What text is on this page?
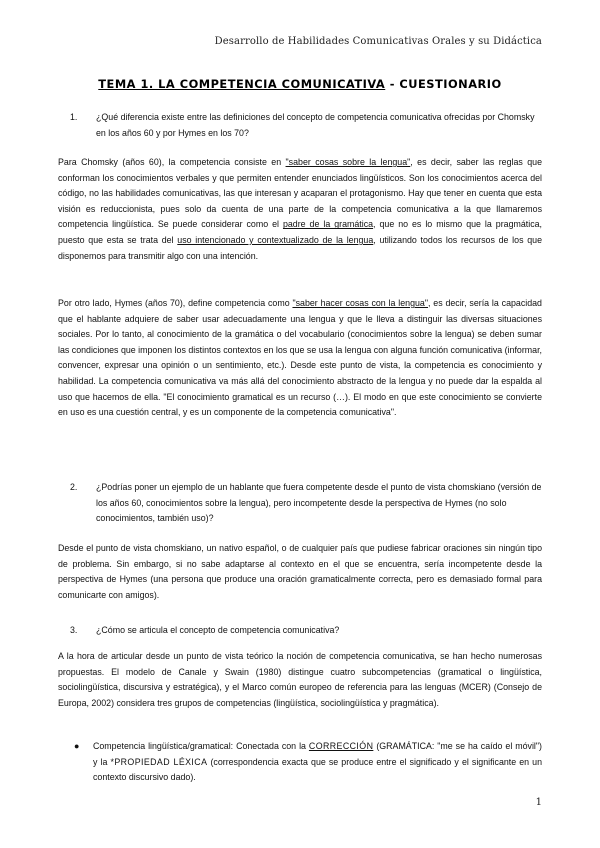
Desarrollo de Habilidades Comunicativas Orales y su Didáctica
TEMA 1. LA COMPETENCIA COMUNICATIVA - CUESTIONARIO
1. ¿Qué diferencia existe entre las definiciones del concepto de competencia comunicativa ofrecidas por Chomsky en los años 60 y por Hymes en los 70?

Para Chomsky (años 60), la competencia consiste en "saber cosas sobre la lengua", es decir, saber las reglas que conforman los conocimientos verbales y que permiten entender enunciados lingüísticos. Son los conocimientos acerca del código, no las habilidades comunicativas, las que interesan y acaparan el protagonismo. Hay que tener en cuenta que esta visión es reduccionista, pues solo da cuenta de una parte de la competencia comunicativa a la que llamaremos competencia lingüística. Se puede considerar como el padre de la gramática, que no es lo mismo que la pragmática, puesto que esta se trata del uso intencionado y contextualizado de la lengua, utilizando todos los recursos de los que disponemos para transmitir algo con una intención.

Por otro lado, Hymes (años 70), define competencia como "saber hacer cosas con la lengua", es decir, sería la capacidad que el hablante adquiere de saber usar adecuadamente una lengua y que le lleva a distinguir las diversas situaciones sociales. Por lo tanto, al conocimiento de la gramática o del vocabulario (conocimientos sobre la lengua) se deben sumar las condiciones que imponen los distintos contextos en los que se usa la lengua con alguna función comunicativa (informar, convencer, expresar una opinión o un sentimiento, etc.). Desde este punto de vista, la competencia es conocimiento y habilidad. La competencia comunicativa va más allá del conocimiento abstracto de la lengua y no puede dar la espalda al uso que hacemos de ella. "El conocimiento gramatical es un recurso (…). El modo en que este conocimiento se convierte en uso es una cuestión central, y es un componente de la competencia comunicativa".

2. ¿Podrías poner un ejemplo de un hablante que fuera competente desde el punto de vista chomskiano (versión de los años 60, conocimientos sobre la lengua), pero incompetente desde la perspectiva de Hymes (no solo conocimientos, también uso)?

Desde el punto de vista chomskiano, un nativo español, o de cualquier país que pudiese fabricar oraciones sin ningún tipo de problema. Sin embargo, si no sabe adaptarse al contexto en el que se encuentra, sería incompetente desde la perspectiva de Hymes (una persona que produce una oración gramaticalmente correcta, pero es demasiado formal para comunicarte con amigos).

3. ¿Cómo se articula el concepto de competencia comunicativa?

A la hora de articular desde un punto de vista teórico la noción de competencia comunicativa, se han hecho numerosas propuestas. El modelo de Canale y Swain (1980) distingue cuatro subcompetencias (gramatical o lingüística, sociolingüística, discursiva y estratégica), y el Marco común europeo de referencia para las lenguas (MCER) (Consejo de Europa, 2002) considera tres grupos de competencias (lingüística, sociolingüística y pragmática).

● Competencia lingüística/gramatical: Conectada con la CORRECCIÓN (GRAMÁTICA: "me se ha caído el móvil") y la *PROPIEDAD LÉXICA (correspondencia exacta que se produce entre el significado y el significante en un contexto discursivo dado).
1
